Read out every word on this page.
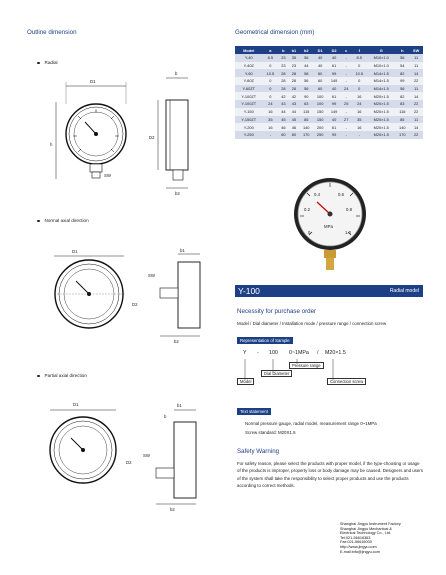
Outline dimension
Radial
D1
h
SW
b
D2
b2
Normal axial direction
D1
SW
b1
b2
D2
Partial axial direction
D1
SW
b1
b
b2
D2
Geometrical dimension (mm)
Model	a	b	b1	b2	D1	D2	c	f	G	h	SW
Y-40	8.5	23	35	56	40	40	-	8.5	M10×1.0	56	11
Y-40Z	0	23	23	44	40	61	-	0	M10×1.0	54	11
Y-60	10.5	28	28	58	60	99	-	10.5	M14×1.5	82	14
Y-60Z	0	28	28	56	60	149	-	0	M14×1.5	99	22
Y-60ZT	0	28	28	56	60	40	24	0	M14×1.5	56	11
Y-100ZT	0	42	42	90	100	61	-	16	M20×1.5	82	14
Y-100ZT	24	43	43	63	100	99	25	24	M20×1.5	83	22
Y-150	16	44	44	115	150	149	-	16	M20×1.5	116	22
Y-150ZT	35	45	45	85	150	40	27	35	M20×1.5	85	11
Y-200	16	46	46	140	200	61	-	16	M20×1.5	140	14
Y-250	-	60	60	170	250	99	-	-	M20×1.5	170	22
0
0.2
0.4	0.6
0.8
1.0
MPa
Y-100	Radial model
Necessity for purchase order
Model / Dial diameter / Installation mode / pressure range / connection screw
Representation of Sample
Y - 100 0~1MPa / M20×1.5
Model
Dial Diameter
Pressure range
Connection screw
Text statement
Normal pressure gauge, radial model, measurement range 0~1MPa
Screw standard: M20X1.5
Safety Warning
For safety reason, please select the products with proper model, if the type-choosing or usage of the products is improper, property loss or body damage may be caused. Designers and users of the system shall take the responsibility to select proper products and use the products according to correct methods.
Shanghai Jingyu Instrument Factory
Shanghai Jingyu Mechanical &
Electrical Technology Co., Ltd.
Tel:021-56616363
Fax:021-56616000
http://www.jingyu.com
E-mail:info@jingyu.com
